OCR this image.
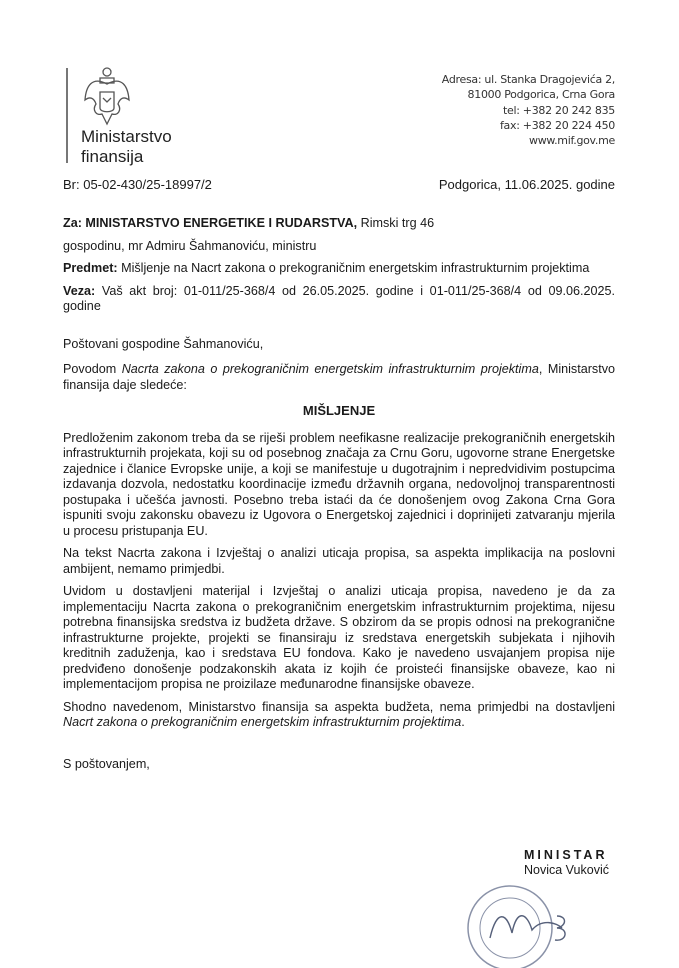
Ministarstvo
finansija
Adresa: ul. Stanka Dragojevića 2,
81000 Podgorica, Crna Gora
tel: +382 20 242 835
fax: +382 20 224 450
www.mif.gov.me
Br: 05-02-430/25-18997/2	Podgorica, 11.06.2025. godine

Za: MINISTARSTVO ENERGETIKE I RUDARSTVA, Rimski trg 46

gospodinu, mr Admiru Šahmanoviću, ministru

Predmet: Mišljenje na Nacrt zakona o prekograničnim energetskim infrastrukturnim projektima

Veza: Vaš akt broj: 01-011/25-368/4 od 26.05.2025. godine i 01-011/25-368/4 od 09.06.2025. godine

Poštovani gospodine Šahmanoviću,

Povodom Nacrta zakona o prekograničnim energetskim infrastrukturnim projektima, Ministarstvo finansija daje sledeće:

MIŠLJENJE

Predloženim zakonom treba da se riješi problem neefikasne realizacije prekograničnih energetskih infrastrukturnih projekata, koji su od posebnog značaja za Crnu Goru, ugovorne strane Energetske zajednice i članice Evropske unije, a koji se manifestuje u dugotrajnim i nepredvidivim postupcima izdavanja dozvola, nedostatku koordinacije između državnih organa, nedovoljnoj transparentnosti postupaka i učešća javnosti. Posebno treba istaći da će donošenjem ovog Zakona Crna Gora ispuniti svoju zakonsku obavezu iz Ugovora o Energetskoj zajednici i doprinijeti zatvaranju mjerila u procesu pristupanja EU.

Na tekst Nacrta zakona i Izvještaj o analizi uticaja propisa, sa aspekta implikacija na poslovni ambijent, nemamo primjedbi.

Uvidom u dostavljeni materijal i Izvještaj o analizi uticaja propisa, navedeno je da za implementaciju Nacrta zakona o prekograničnim energetskim infrastrukturnim projektima, nijesu potrebna finansijska sredstva iz budžeta države. S obzirom da se propis odnosi na prekogranične infrastrukturne projekte, projekti se finansiraju iz sredstava energetskih subjekata i njihovih kreditnih zaduženja, kao i sredstava EU fondova. Kako je navedeno usvajanjem propisa nije predviđeno donošenje podzakonskih akata iz kojih će proisteći finansijske obaveze, kao ni implementacijom propisa ne proizilaze međunarodne finansijske obaveze.

Shodno navedenom, Ministarstvo finansija sa aspekta budžeta, nema primjedbi na dostavljeni Nacrt zakona o prekograničnim energetskim infrastrukturnim projektima.

S poštovanjem,

MINISTAR
Novica Vuković
